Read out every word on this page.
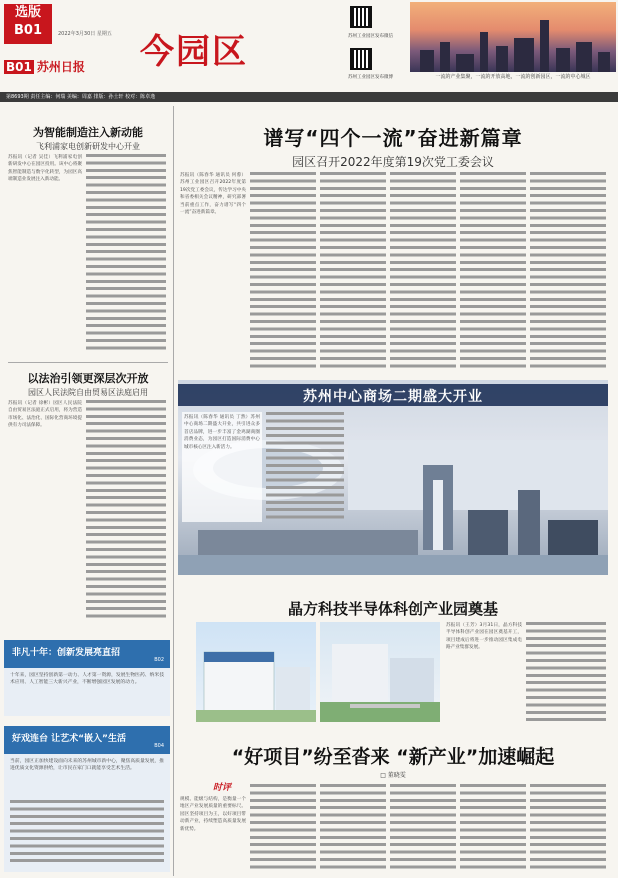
选版
B01
B01 苏州日报
2022年3月30日 星期五 今园区	苏州工业园区发布微信
苏州工业园区发布微博	一流的产业集聚，一流的开放高地，一流的创新园区，一流的中心城区
第8693期 责任主编：何瑞 美编：周嘉 排版：孙士轩 校对：陈卓逸
为智能制造注入新动能
飞利浦家电创新研发中心开业
苏报讯（记者 吴佳）飞利浦家电创新研发中心在园区投用。该中心将聚焦智能制造与数字化转型，为园区高端制造业发展注入新动能。
以法治引领更深层次开放
园区人民法院自由贸易区法庭启用
苏报讯（记者 徐彬）园区人民法院自由贸易区法庭正式启用，将为营造市场化、法治化、国际化营商环境提供有力司法保障。
非凡十年：创新发展亮直招
B02
十年来，园区坚持创新第一动力、人才第一资源，发展生物医药、纳米技术应用、人工智能三大新兴产业，不断增强园区发展的动力。
好戏连台 让艺术“嵌入”生活
B04
当前，园区正加快建设面向未来的苏州城市新中心，聚焦高质量发展，推进优质文化资源供给，让市民在家门口就能享受艺术生活。
谱写“四个一流”奋进新篇章
园区召开2022年度第19次党工委会议
苏报讯（陈春华 通讯员 何蓉）苏州工业园区召开2022年度第19次党工委会议，传达学习中央和省委相关会议精神，研究部署当前重点工作，奋力谱写“四个一流”奋进新篇章。
苏州中心商场二期盛大开业
苏报讯（陈春华 通讯员 丁然）苏州中心商场二期盛大开业，共引进众多首店品牌，进一步丰富了金鸡湖商圈消费业态，为园区打造国际消费中心城市核心区注入新活力。
晶方科技半导体科创产业园奠基
苏报讯（王芳）3月31日，晶方科技半导体科创产业园在园区奠基开工，项目建成后将进一步推动园区集成电路产业集群发展。
“好项目”纷至沓来 “新产业”加速崛起
□ 董晓雯
时评
规模、能级与结构，是衡量一个地区产业发展质量的重要标尺。园区坚持项目为王，以好项目带动新产业，持续塑造高质量发展新优势。
